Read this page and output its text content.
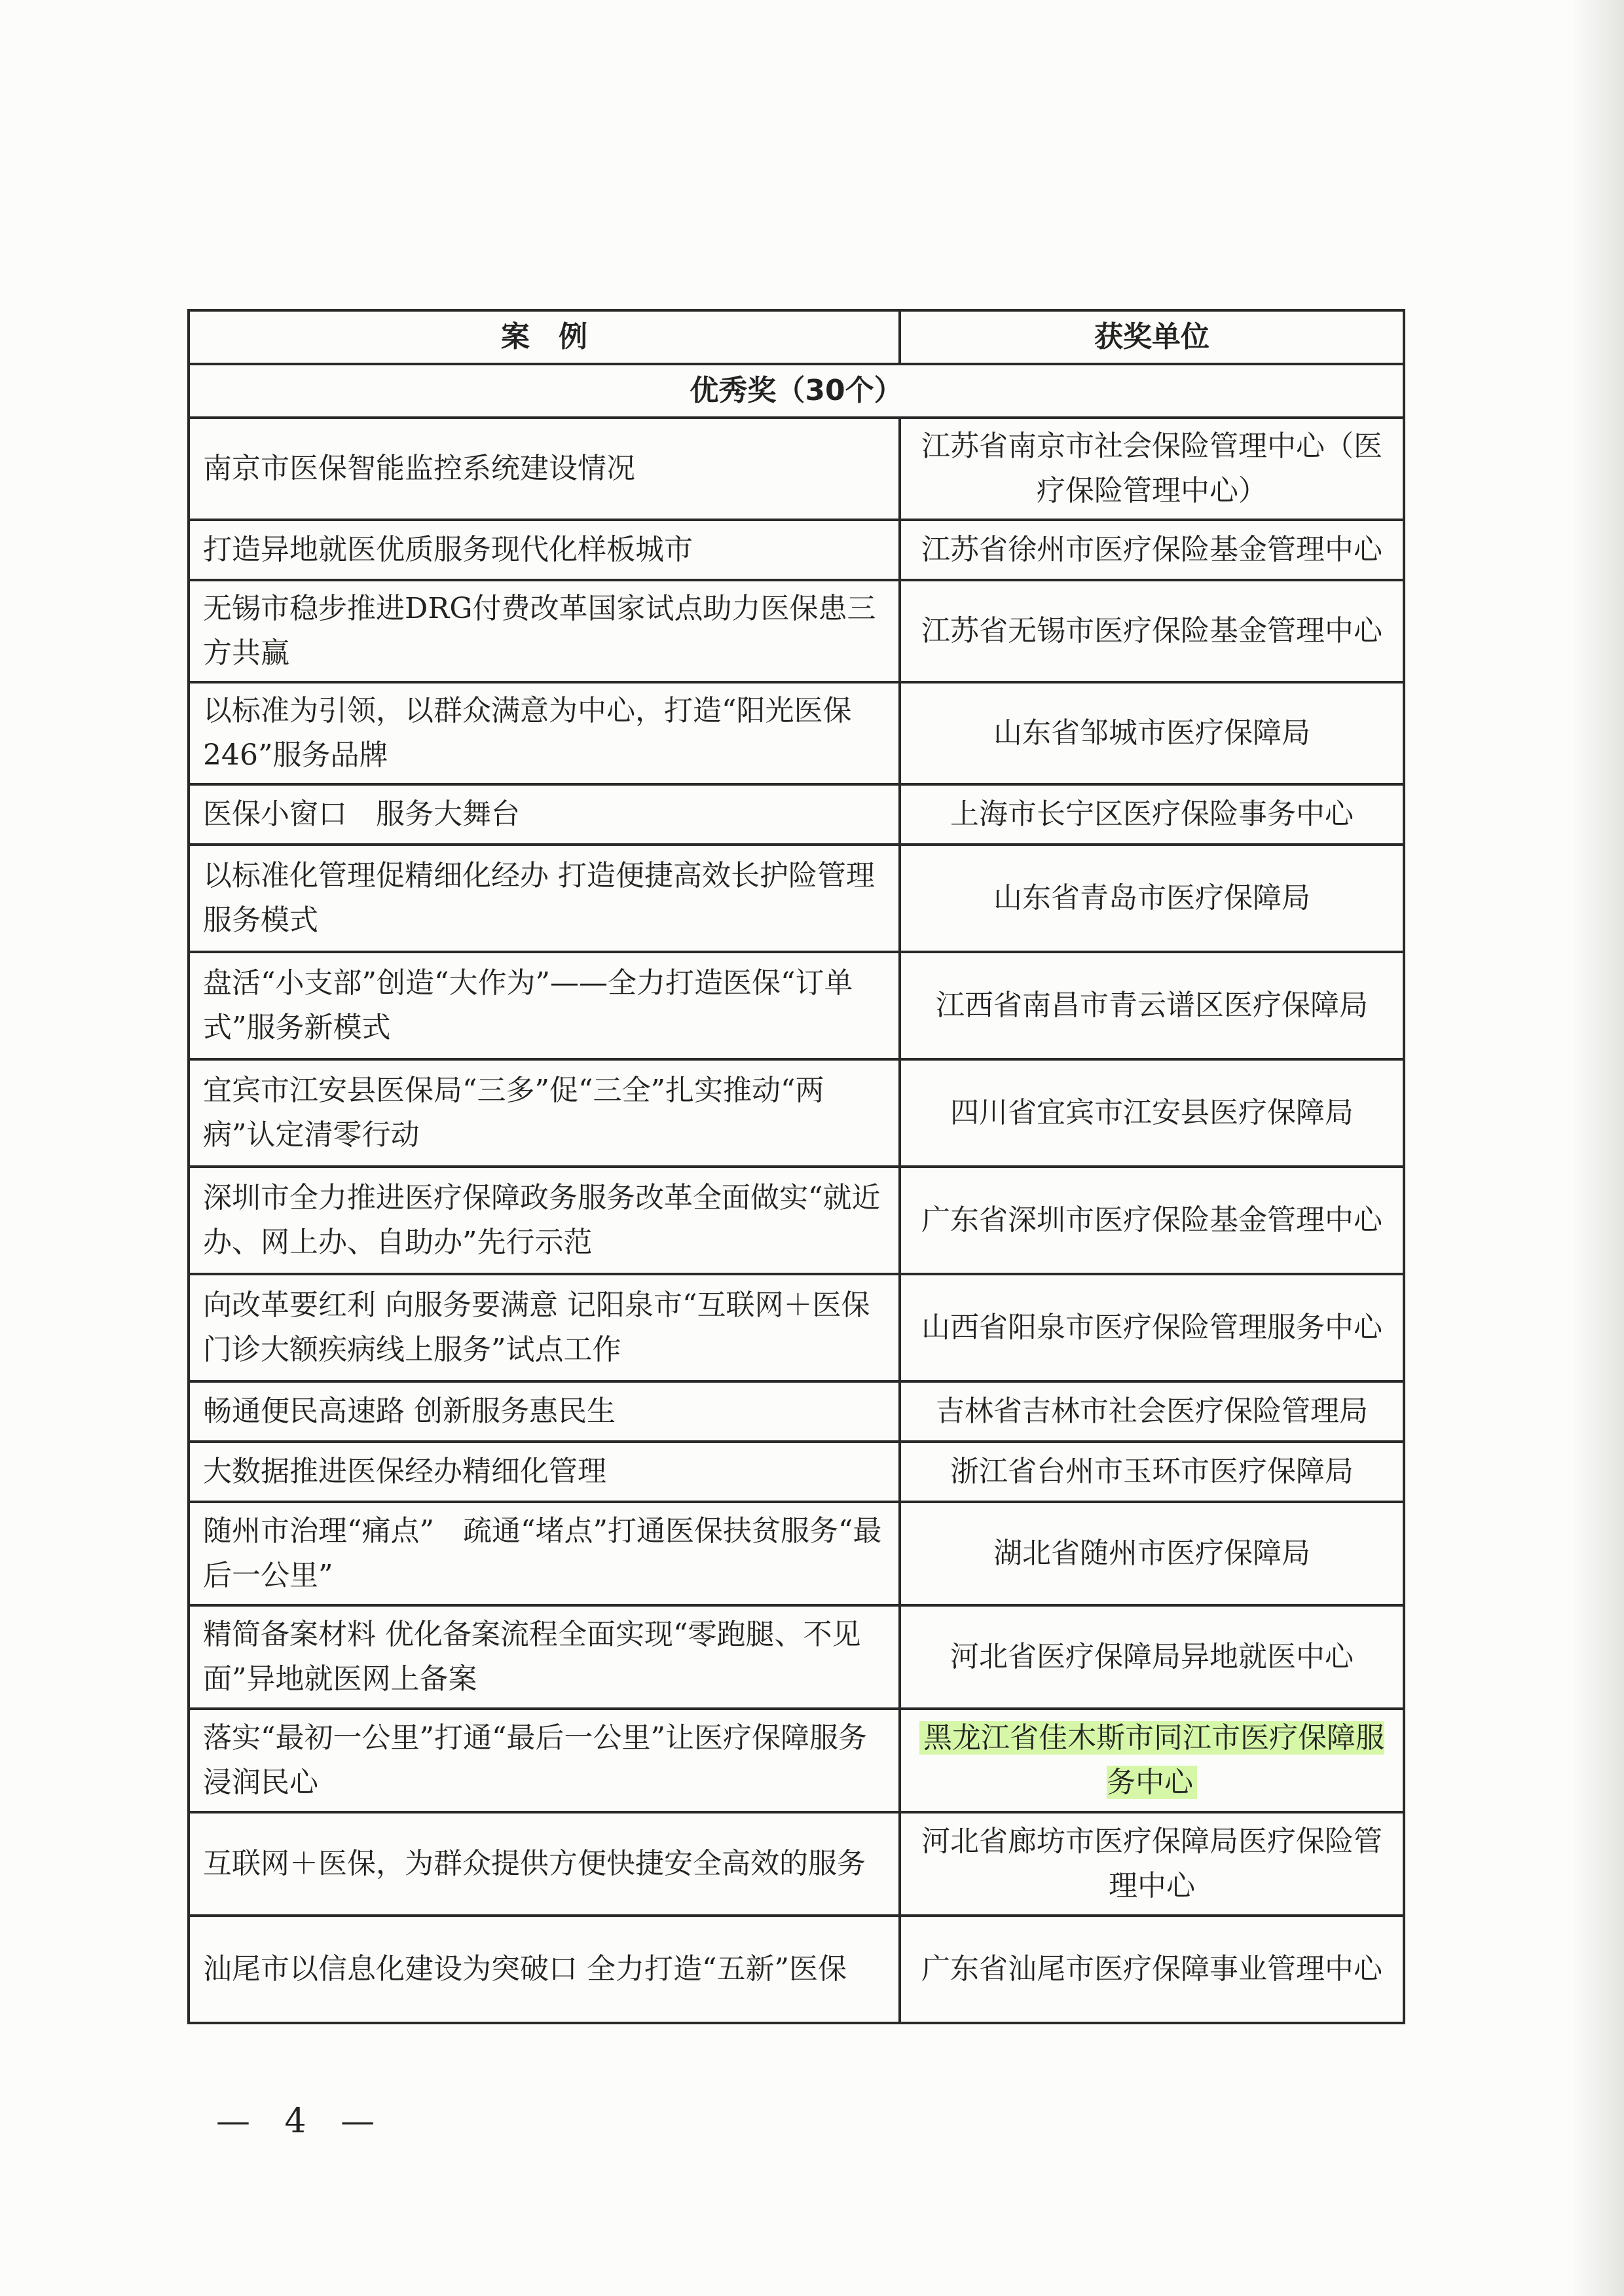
案　例	获奖单位
优秀奖（30个）	
南京市医保智能监控系统建设情况	江苏省南京市社会保险管理中心（医疗保险管理中心）
打造异地就医优质服务现代化样板城市	江苏省徐州市医疗保险基金管理中心
无锡市稳步推进DRG付费改革国家试点助力医保患三方共赢	江苏省无锡市医疗保险基金管理中心
以标准为引领，以群众满意为中心，打造“阳光医保246”服务品牌	山东省邹城市医疗保障局
医保小窗口　服务大舞台	上海市长宁区医疗保险事务中心
以标准化管理促精细化经办 打造便捷高效长护险管理服务模式	山东省青岛市医疗保障局
盘活“小支部”创造“大作为”——全力打造医保“订单式”服务新模式	江西省南昌市青云谱区医疗保障局
宜宾市江安县医保局“三多”促“三全”扎实推动“两病”认定清零行动	四川省宜宾市江安县医疗保障局
深圳市全力推进医疗保障政务服务改革全面做实“就近办、网上办、自助办”先行示范	广东省深圳市医疗保险基金管理中心
向改革要红利 向服务要满意 记阳泉市“互联网＋医保门诊大额疾病线上服务”试点工作	山西省阳泉市医疗保险管理服务中心
畅通便民高速路 创新服务惠民生	吉林省吉林市社会医疗保险管理局
大数据推进医保经办精细化管理	浙江省台州市玉环市医疗保障局
随州市治理“痛点”　疏通“堵点”打通医保扶贫服务“最后一公里”	湖北省随州市医疗保障局
精简备案材料 优化备案流程全面实现“零跑腿、不见面”异地就医网上备案	河北省医疗保障局异地就医中心
落实“最初一公里”打通“最后一公里”让医疗保障服务浸润民心	黑龙江省佳木斯市同江市医疗保障服务中心
互联网＋医保，为群众提供方便快捷安全高效的服务	河北省廊坊市医疗保障局医疗保险管理中心
汕尾市以信息化建设为突破口 全力打造“五新”医保	广东省汕尾市医疗保障事业管理中心
— 4 —
